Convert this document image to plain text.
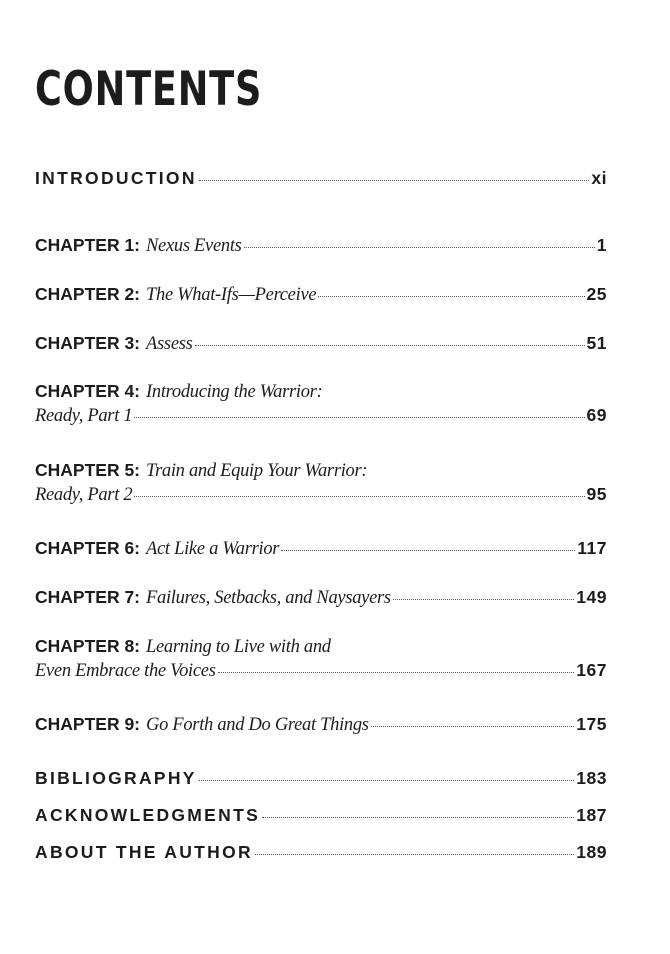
CONTENTS
INTRODUCTION	xi
CHAPTER 1: Nexus Events	1
CHAPTER 2: The What-Ifs—Perceive	25
CHAPTER 3: Assess	51
CHAPTER 4: Introducing the Warrior:
Ready, Part 1	69
CHAPTER 5: Train and Equip Your Warrior:
Ready, Part 2	95
CHAPTER 6: Act Like a Warrior	117
CHAPTER 7: Failures, Setbacks, and Naysayers	149
CHAPTER 8: Learning to Live with and
Even Embrace the Voices	167
CHAPTER 9: Go Forth and Do Great Things	175
BIBLIOGRAPHY	183
ACKNOWLEDGMENTS	187
ABOUT THE AUTHOR	189
